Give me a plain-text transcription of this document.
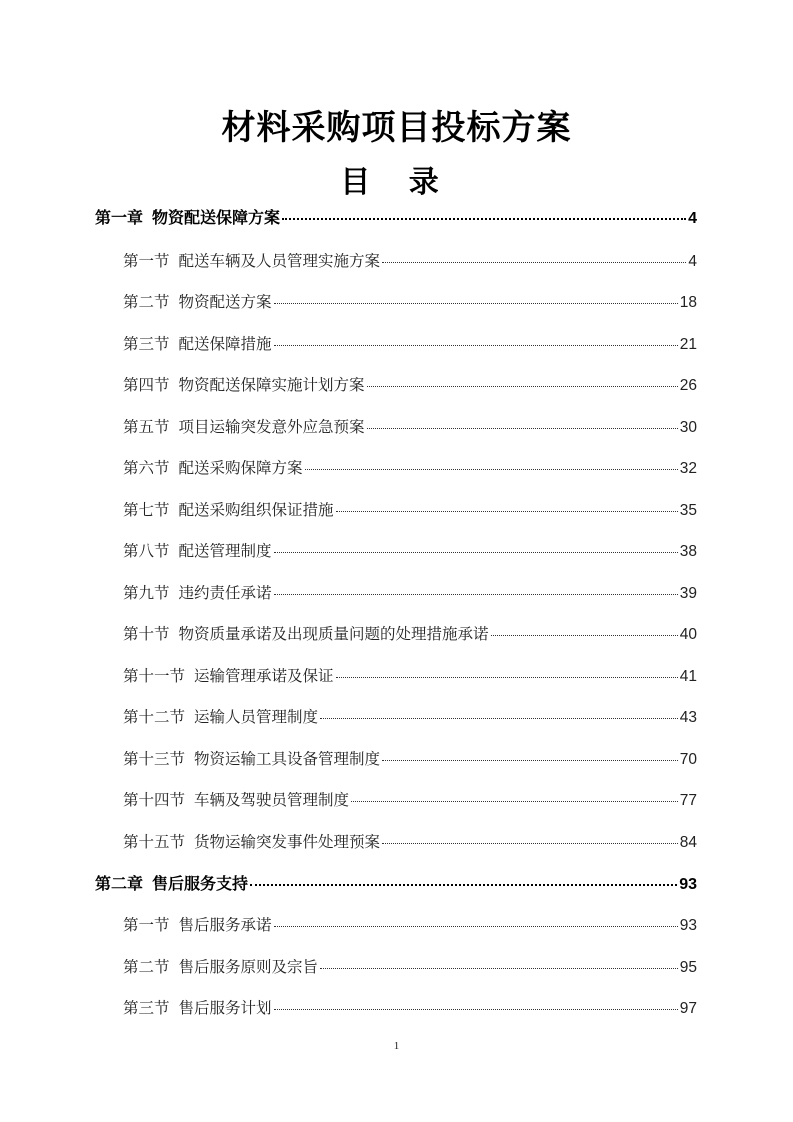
材料采购项目投标方案
目 录
第一章 物资配送保障方案	4
第一节 配送车辆及人员管理实施方案	4
第二节 物资配送方案	18
第三节 配送保障措施	21
第四节 物资配送保障实施计划方案	26
第五节 项目运输突发意外应急预案	30
第六节 配送采购保障方案	32
第七节 配送采购组织保证措施	35
第八节 配送管理制度	38
第九节 违约责任承诺	39
第十节 物资质量承诺及出现质量问题的处理措施承诺	40
第十一节 运输管理承诺及保证	41
第十二节 运输人员管理制度	43
第十三节 物资运输工具设备管理制度	70
第十四节 车辆及驾驶员管理制度	77
第十五节 货物运输突发事件处理预案	84
第二章 售后服务支持	93
第一节 售后服务承诺	93
第二节 售后服务原则及宗旨	95
第三节 售后服务计划	97
1
